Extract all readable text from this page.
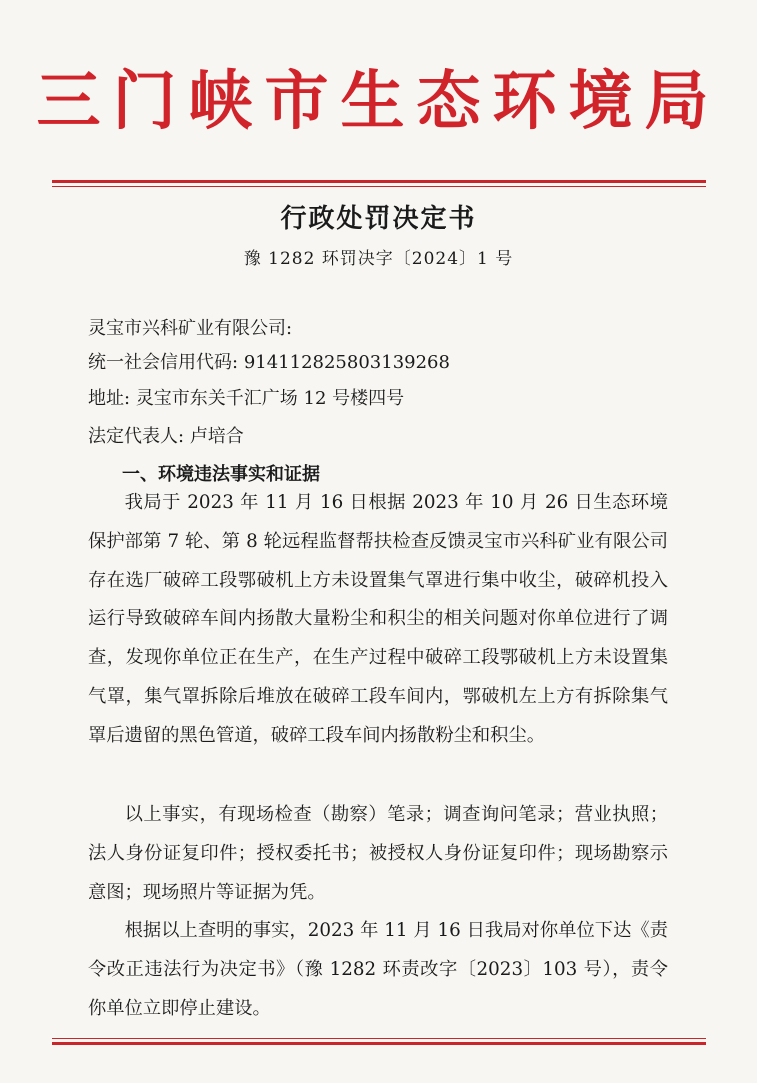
三门峡市生态环境局
行政处罚决定书
豫 1282 环罚决字〔2024〕1 号
灵宝市兴科矿业有限公司:
统一社会信用代码: 914112825803139268
地址: 灵宝市东关千汇广场 12 号楼四号
法定代表人: 卢培合
一、环境违法事实和证据

我局于 2023 年 11 月 16 日根据 2023 年 10 月 26 日生态环境保护部第 7 轮、第 8 轮远程监督帮扶检查反馈灵宝市兴科矿业有限公司存在选厂破碎工段鄂破机上方未设置集气罩进行集中收尘，破碎机投入运行导致破碎车间内扬散大量粉尘和积尘的相关问题对你单位进行了调查，发现你单位正在生产，在生产过程中破碎工段鄂破机上方未设置集气罩，集气罩拆除后堆放在破碎工段车间内，鄂破机左上方有拆除集气罩后遗留的黑色管道，破碎工段车间内扬散粉尘和积尘。

以上事实，有现场检查（勘察）笔录；调查询问笔录；营业执照；法人身份证复印件；授权委托书；被授权人身份证复印件；现场勘察示意图；现场照片等证据为凭。

根据以上查明的事实，2023 年 11 月 16 日我局对你单位下达《责令改正违法行为决定书》（豫 1282 环责改字〔2023〕103 号），责令你单位立即停止建设。
